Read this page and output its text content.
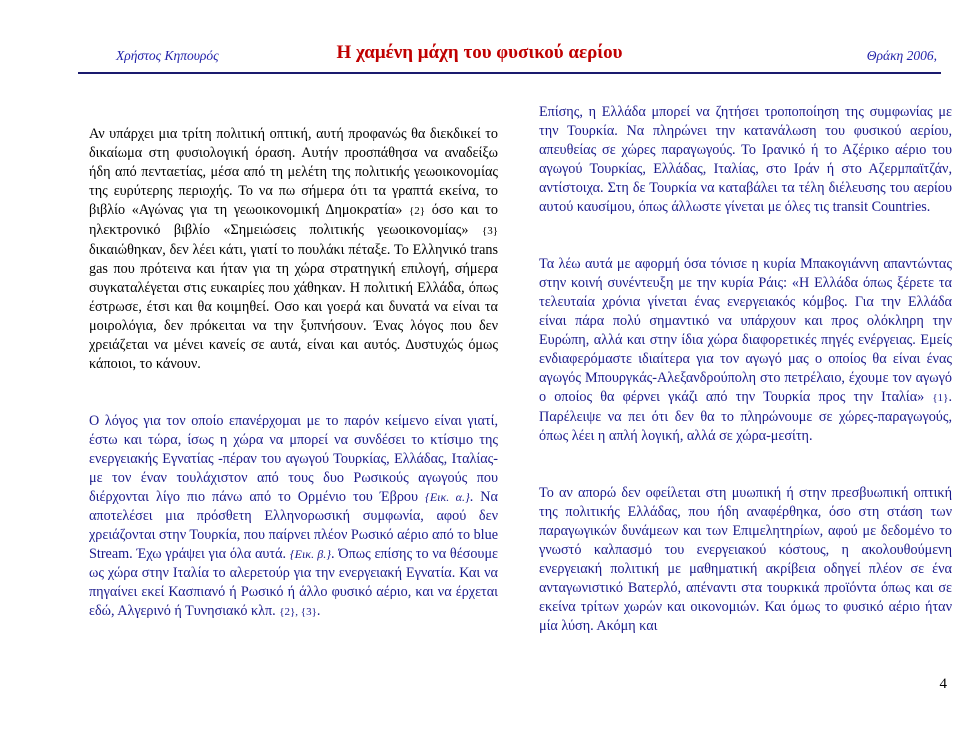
Χρήστος Κηπουρός	Η χαμένη μάχη του φυσικού αερίου	Θράκη 2006,

Αν υπάρχει μια τρίτη πολιτική οπτική, αυτή προφανώς θα διεκδικεί το δικαίωμα στη φυσιολογική όραση. Αυτήν προσπάθησα να αναδείξω ήδη από πενταετίας, μέσα από τη μελέτη της πολιτικής γεωοικονομίας της ευρύτερης περιοχής. Το να πω σήμερα ότι τα γραπτά εκείνα, το βιβλίο «Αγώνας για τη γεωοικονομική Δημοκρατία» {2} όσο και το ηλεκτρονικό βιβλίο «Σημειώσεις πολιτικής γεωοικονομίας» {3} δικαιώθηκαν, δεν λέει κάτι, γιατί το πουλάκι πέταξε. Το Ελληνικό trans gas που πρότεινα και ήταν για τη χώρα στρατηγική επιλογή, σήμερα συγκαταλέγεται στις ευκαιρίες που χάθηκαν. Η πολιτική Ελλάδα, όπως έστρωσε, έτσι και θα κοιμηθεί. Οσο και γοερά και δυνατά να είναι τα μοιρολόγια, δεν πρόκειται να την ξυπνήσουν. Ένας λόγος που δεν χρειάζεται να μένει κανείς σε αυτά, είναι και αυτός. Δυστυχώς όμως κάποιοι, το κάνουν.

Ο λόγος για τον οποίο επανέρχομαι με το παρόν κείμενο είναι γιατί, έστω και τώρα, ίσως η χώρα να μπορεί να συνδέσει το κτίσιμο της ενεργειακής Εγνατίας -πέραν του αγωγού Τουρκίας, Ελλάδας, Ιταλίας- με τον έναν τουλάχιστον από τους δυο Ρωσικούς αγωγούς που διέρχονται λίγο πιο πάνω από το Ορμένιο του Έβρου {Εικ. α.}. Να αποτελέσει μια πρόσθετη Ελληνορωσική συμφωνία, αφού δεν χρειάζονται στην Τουρκία, που παίρνει πλέον Ρωσικό αέριο από το blue Stream. Έχω γράψει για όλα αυτά. {Εικ. β.}. Όπως επίσης το να θέσουμε ως χώρα στην Ιταλία το αλερετούρ για την ενεργειακή Εγνατία. Και να πηγαίνει εκεί Κασπιανό ή Ρωσικό ή άλλο φυσικό αέριο, και να έρχεται εδώ, Αλγερινό ή Τυνησιακό κλπ. {2}, {3}.

Επίσης, η Ελλάδα μπορεί να ζητήσει τροποποίηση της συμφωνίας με την Τουρκία. Να πληρώνει την κατανάλωση του φυσικού αερίου, απευθείας σε χώρες παραγωγούς. Το Ιρανικό ή το Αζέρικο αέριο του αγωγού Τουρκίας, Ελλάδας, Ιταλίας, στο Ιράν ή στο Αζερμπαϊτζάν, αντίστοιχα. Στη δε Τουρκία να καταβάλει τα τέλη διέλευσης του αερίου αυτού καυσίμου, όπως άλλωστε γίνεται με όλες τις transit Countries.

Τα λέω αυτά με αφορμή όσα τόνισε η κυρία Μπακογιάννη απαντώντας στην κοινή συνέντευξη με την κυρία Ράις: «Η Ελλάδα όπως ξέρετε τα τελευταία χρόνια γίνεται ένας ενεργειακός κόμβος. Για την Ελλάδα είναι πάρα πολύ σημαντικό να υπάρχουν και προς ολόκληρη την Ευρώπη, αλλά και στην ίδια χώρα διαφορετικές πηγές ενέργειας. Εμείς ενδιαφερόμαστε ιδιαίτερα για τον αγωγό μας ο οποίος θα είναι ένας αγωγός Μπουργκάς-Αλεξανδρούπολη στο πετρέλαιο, έχουμε τον αγωγό ο οποίος θα φέρνει γκάζι από την Τουρκία προς την Ιταλία» {1}. Παρέλειψε να πει ότι δεν θα το πληρώνουμε σε χώρες-παραγωγούς, όπως λέει η απλή λογική, αλλά σε χώρα-μεσίτη.

Το αν απορώ δεν οφείλεται στη μυωπική ή στην πρεσβυωπική οπτική της πολιτικής Ελλάδας, που ήδη αναφέρθηκα, όσο στη στάση των παραγωγικών δυνάμεων και των Επιμελητηρίων, αφού με δεδομένο το γνωστό καλπασμό του ενεργειακού κόστους, η ακολουθούμενη ενεργειακή πολιτική με μαθηματική ακρίβεια οδηγεί πλέον σε ένα ανταγωνιστικό Βατερλό, απέναντι στα τουρκικά προϊόντα όπως και σε εκείνα τρίτων χωρών και οικονομιών. Και όμως το φυσικό αέριο ήταν μία λύση. Ακόμη και

4
